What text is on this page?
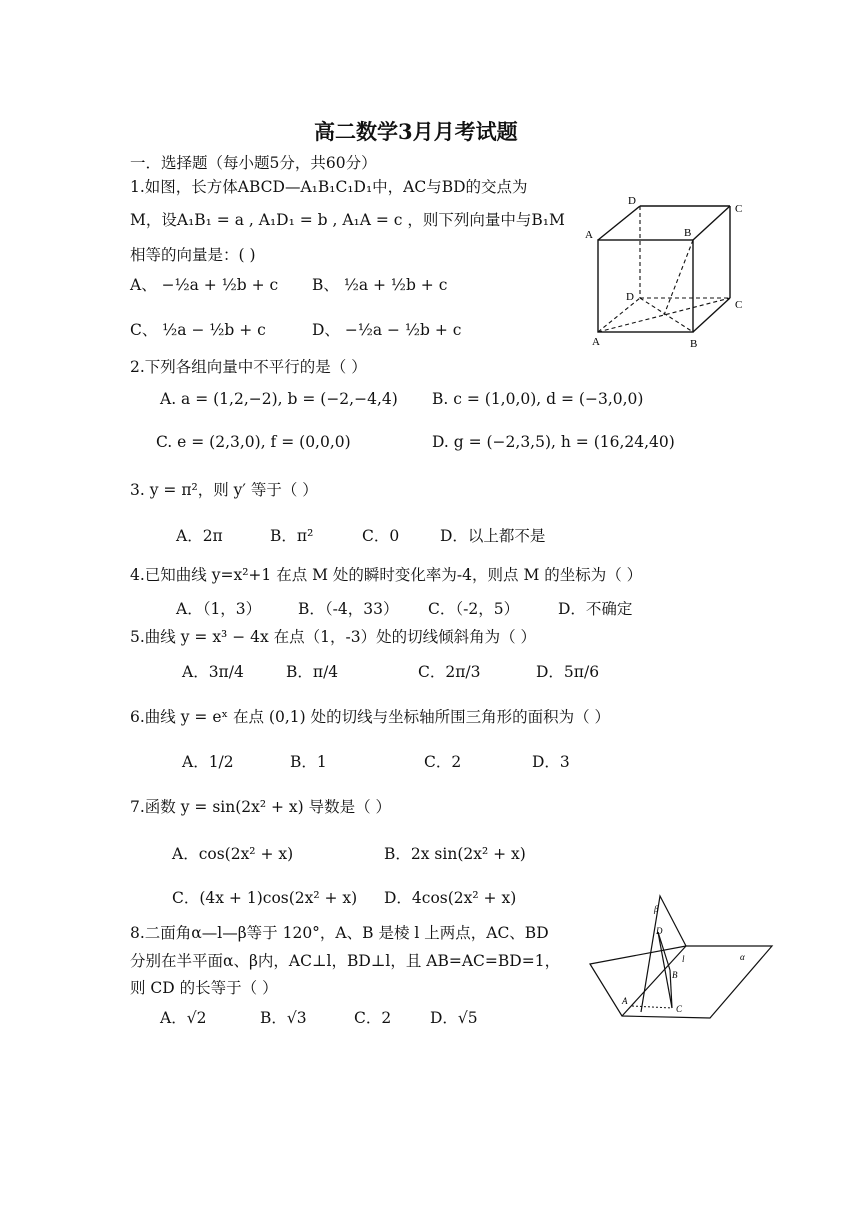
高二数学3月月考试题
一．选择题（每小题5分，共60分）
1.如图，长方体ABCD—A₁B₁C₁D₁中，AC与BD的交点为
M，设A₁B₁ = a , A₁D₁ = b , A₁A = c ，则下列向量中与B₁M
相等的向量是：( )
A、 −½a + ½b + c B、 ½a + ½b + c
C、 ½a − ½b + c	D、 −½a − ½b + c
D
C
A	B
D
C
A	B
2.下列各组向量中不平行的是（ ）
A. a = (1,2,−2), b = (−2,−4,4) B. c = (1,0,0), d = (−3,0,0)
C. e = (2,3,0), f = (0,0,0)	D. g = (−2,3,5), h = (16,24,40)
3. y = π²，则 y′ 等于（ ）
A．2π	B．π²	C．0	D．以上都不是
4.已知曲线 y=x²+1 在点 M 处的瞬时变化率为-4，则点 M 的坐标为（ ）
A．（1，3） B．（-4，33） C．（-2，5）	D．不确定
5.曲线 y = x³ − 4x 在点（1，-3）处的切线倾斜角为（ ）
A．3π/4	B．π/4	C．2π/3	D．5π/6
6.曲线 y = eˣ 在点 (0,1) 处的切线与坐标轴所围三角形的面积为（ ）
A．1/2	B．1	C．2	D．3
7.函数 y = sin(2x² + x) 导数是（ ）
A．cos(2x² + x)	B．2x sin(2x² + x)
C．(4x + 1)cos(2x² + x) D．4cos(2x² + x)
8.二面角α—l—β等于 120°，A、B 是棱 l 上两点，AC、BD
分别在半平面α、β内，AC⊥l，BD⊥l，且 AB=AC=BD=1，
则 CD 的长等于（ ）
A．√2	B．√3	C．2	D．√5
β
D
l
B
α
A
C
